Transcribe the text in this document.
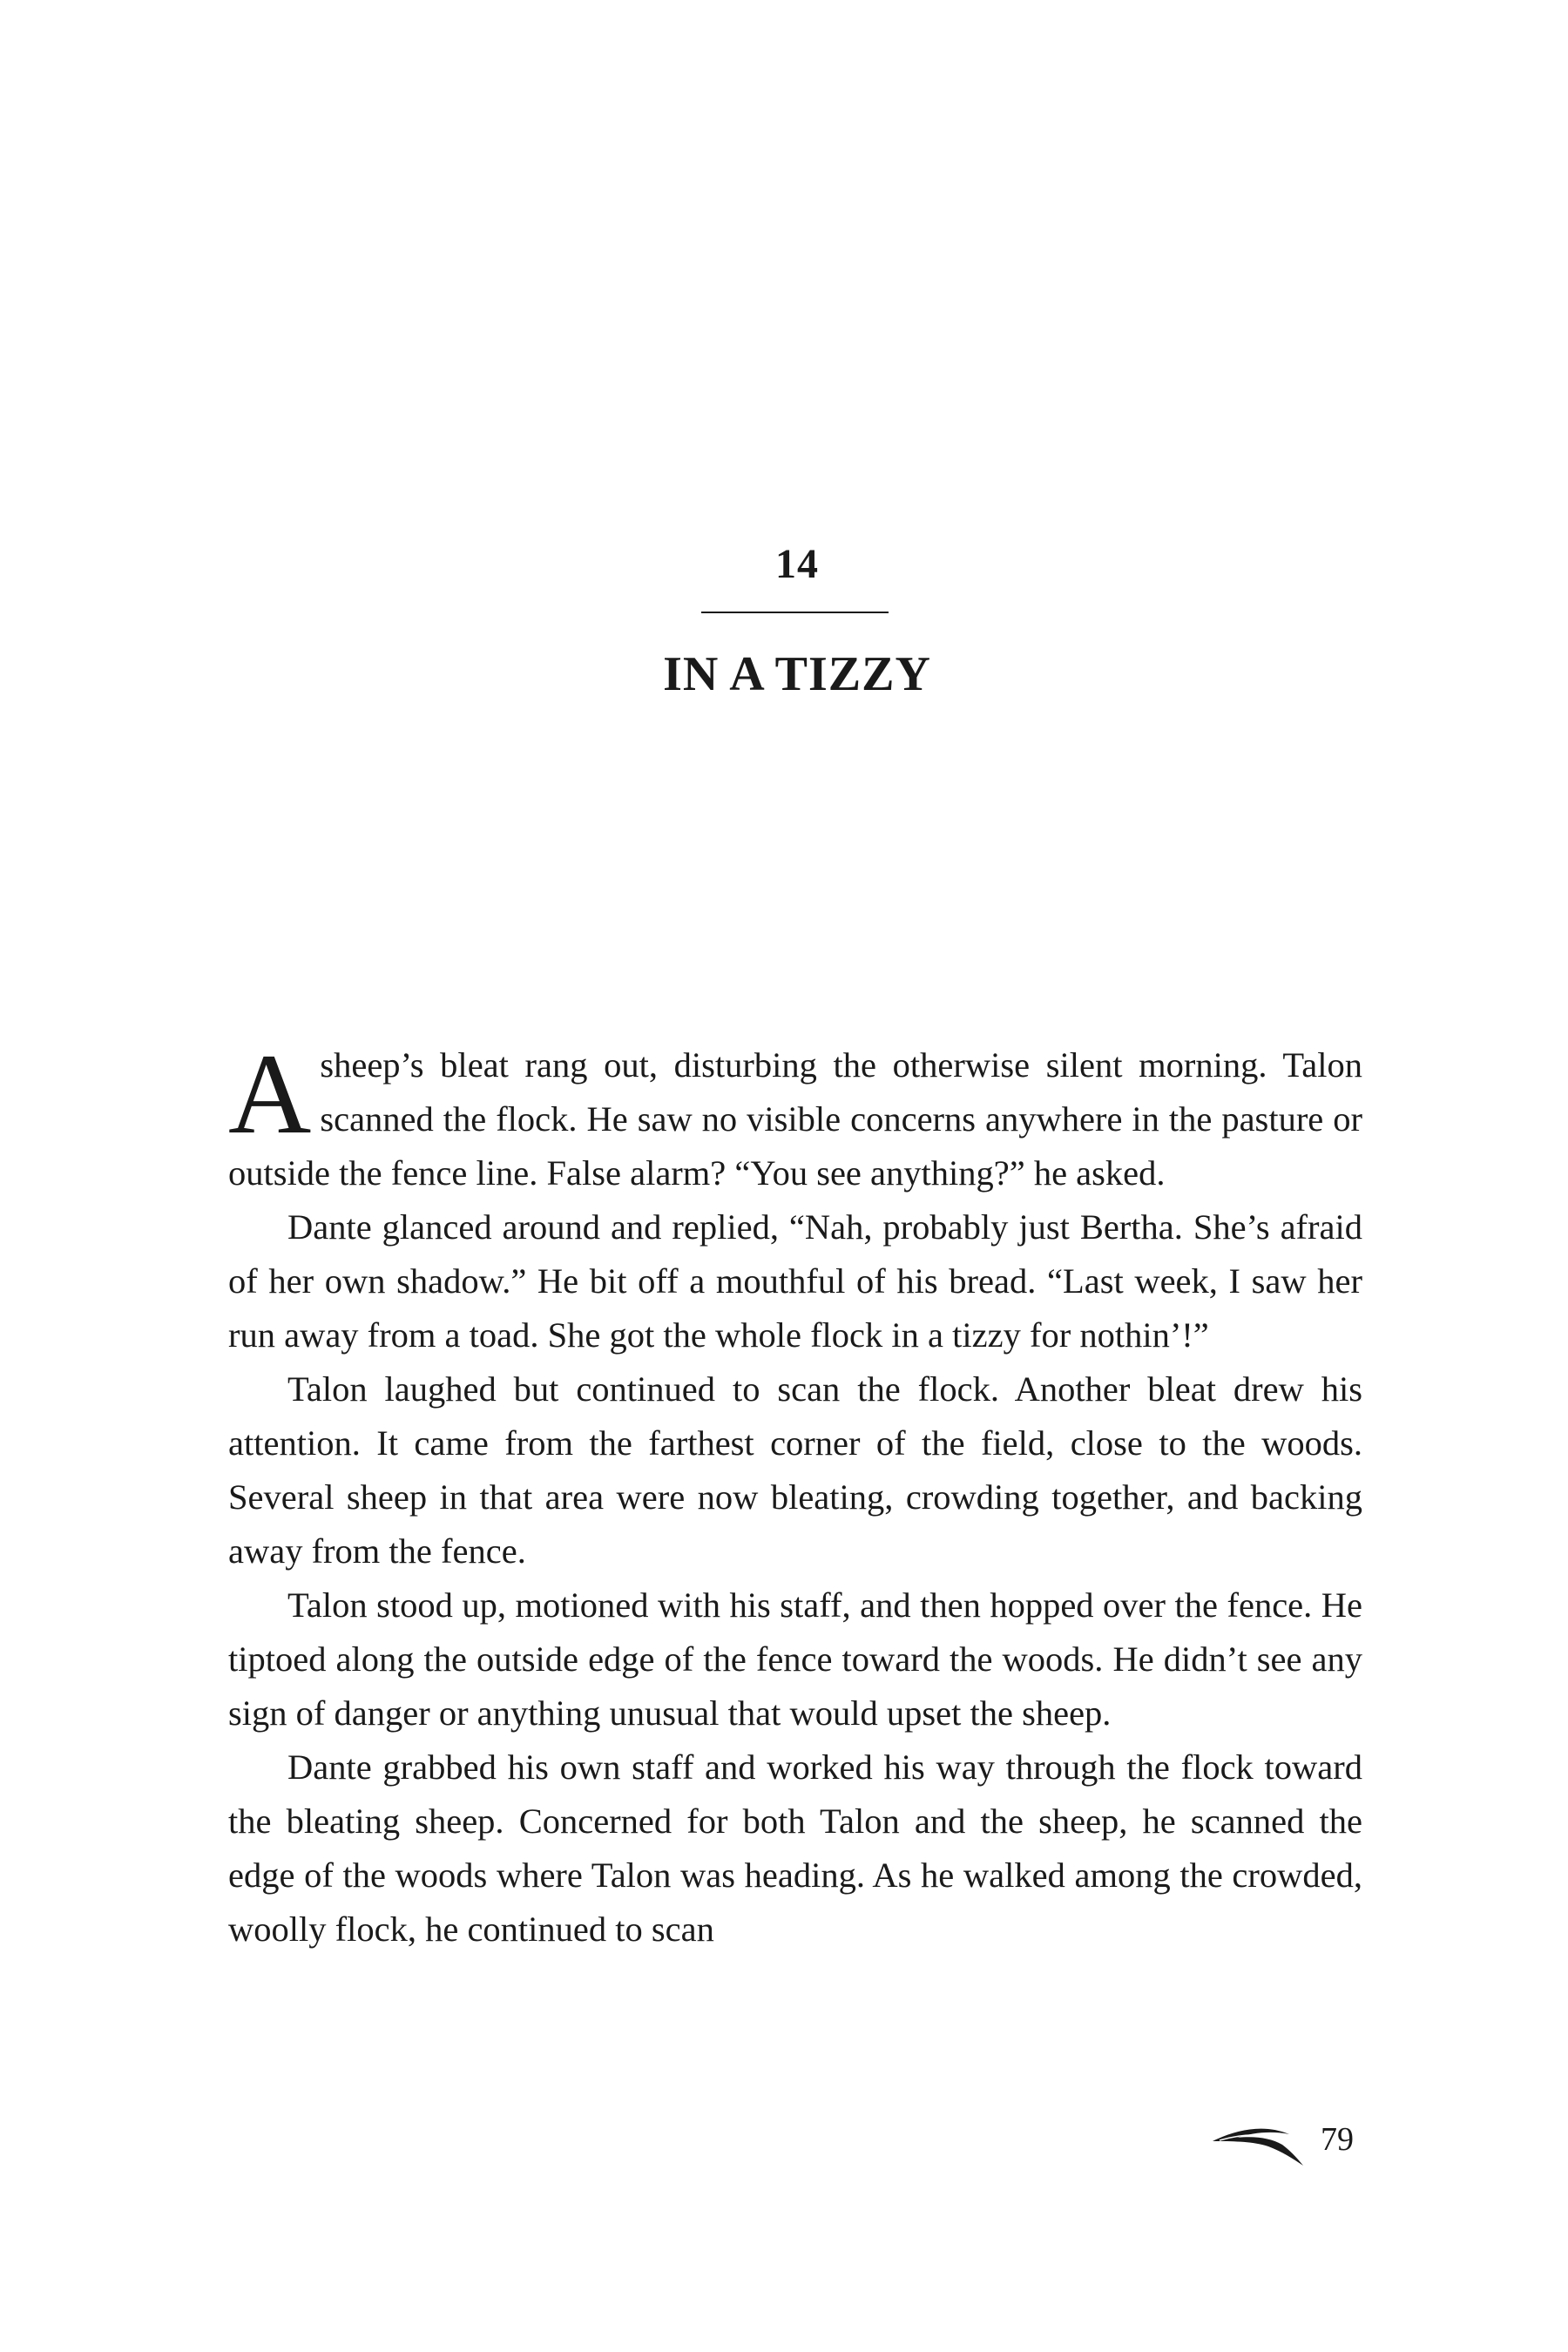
14
IN A TIZZY

A sheep’s bleat rang out, disturbing the otherwise silent morning. Talon scanned the flock. He saw no visible concerns anywhere in the pasture or outside the fence line. False alarm? “You see anything?” he asked.

Dante glanced around and replied, “Nah, probably just Bertha. She’s afraid of her own shadow.” He bit off a mouthful of his bread. “Last week, I saw her run away from a toad. She got the whole flock in a tizzy for nothin’!”

Talon laughed but continued to scan the flock. Another bleat drew his attention. It came from the farthest corner of the field, close to the woods. Several sheep in that area were now bleating, crowding together, and backing away from the fence.

Talon stood up, motioned with his staff, and then hopped over the fence. He tiptoed along the outside edge of the fence toward the woods. He didn’t see any sign of danger or anything unusual that would upset the sheep.

Dante grabbed his own staff and worked his way through the flock toward the bleating sheep. Concerned for both Talon and the sheep, he scanned the edge of the woods where Talon was heading. As he walked among the crowded, woolly flock, he continued to scan

79
